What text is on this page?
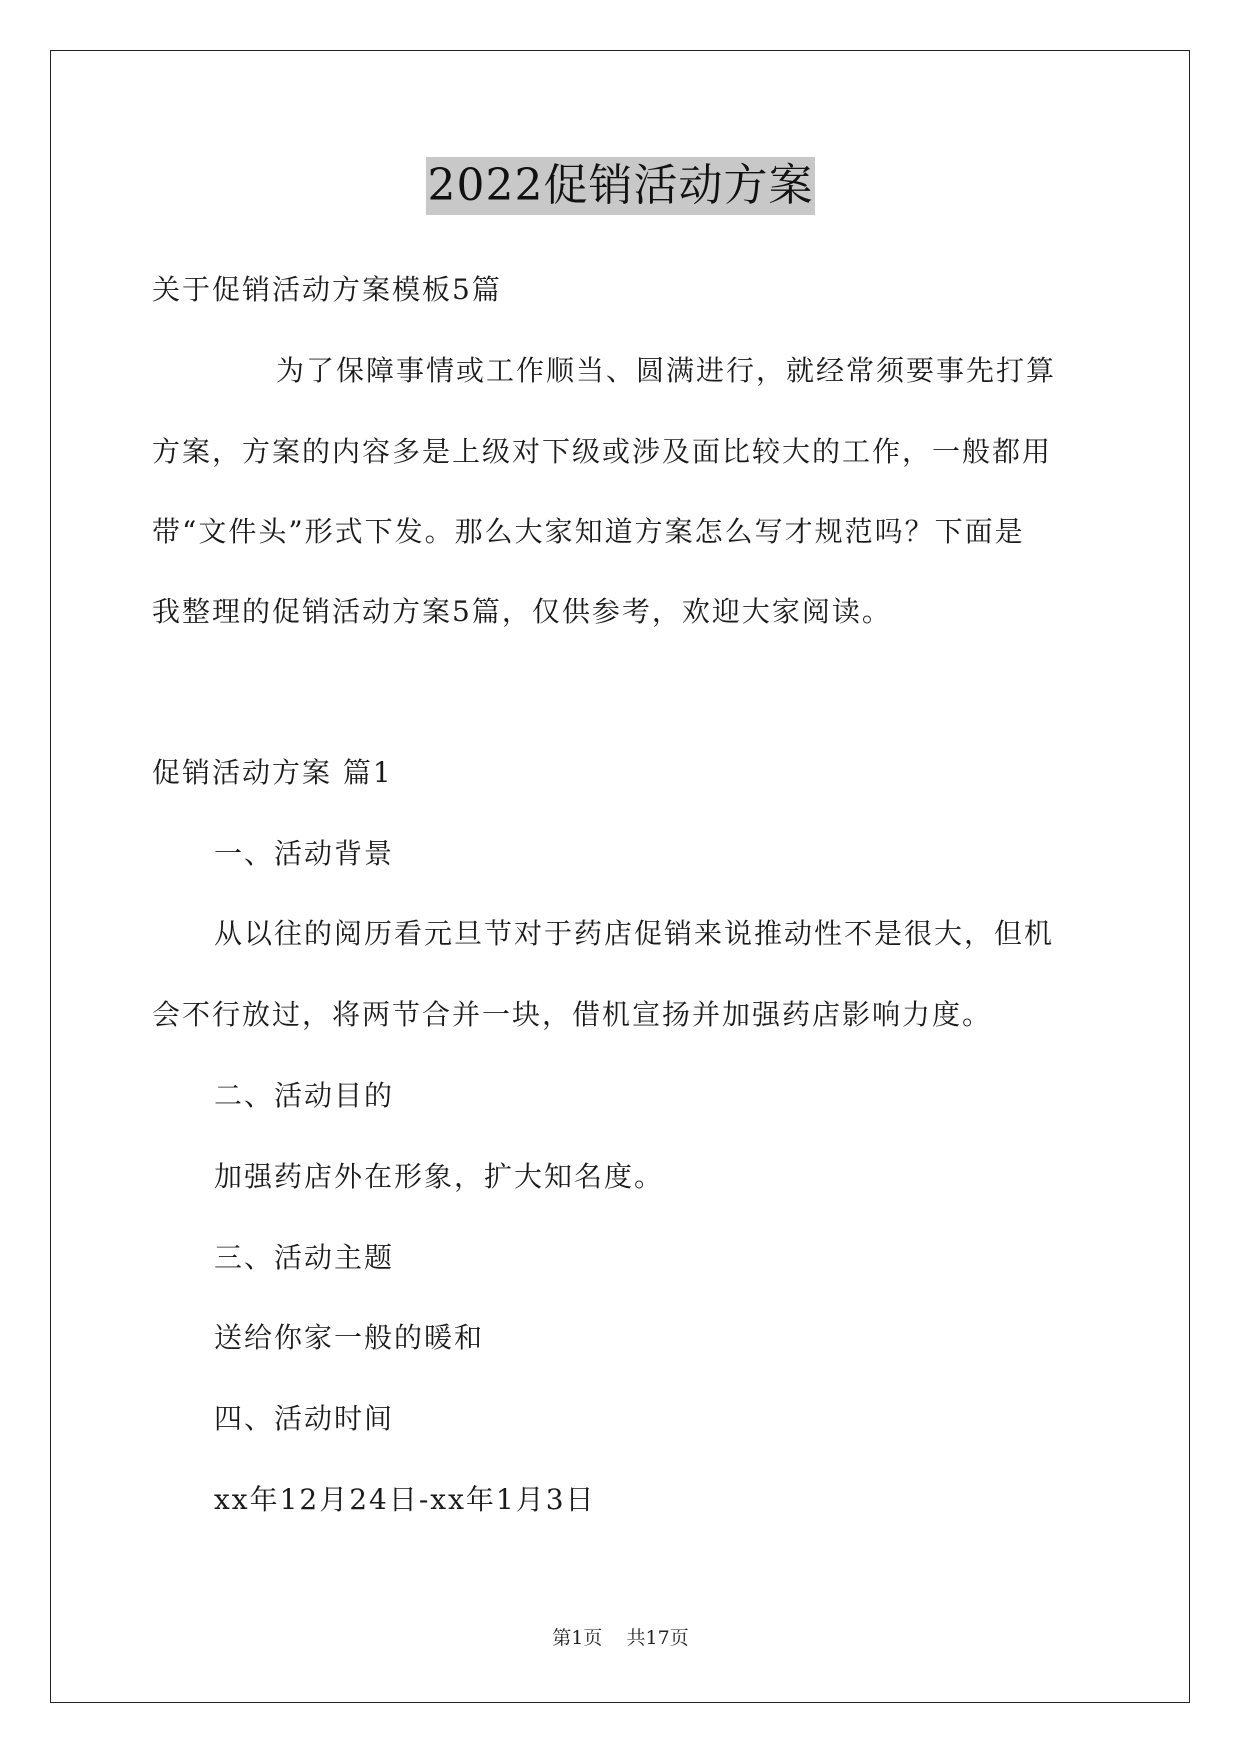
2022促销活动方案
关于促销活动方案模板5篇
为了保障事情或工作顺当、圆满进行，就经常须要事先打算
方案，方案的内容多是上级对下级或涉及面比较大的工作，一般都用
带“文件头”形式下发。那么大家知道方案怎么写才规范吗？下面是
我整理的促销活动方案5篇，仅供参考，欢迎大家阅读。
促销活动方案 篇1
一、活动背景
从以往的阅历看元旦节对于药店促销来说推动性不是很大，但机
会不行放过，将两节合并一块，借机宣扬并加强药店影响力度。
二、活动目的
加强药店外在形象，扩大知名度。
三、活动主题
送给你家一般的暖和
四、活动时间
xx年12月24日-xx年1月3日
第1页 共17页
